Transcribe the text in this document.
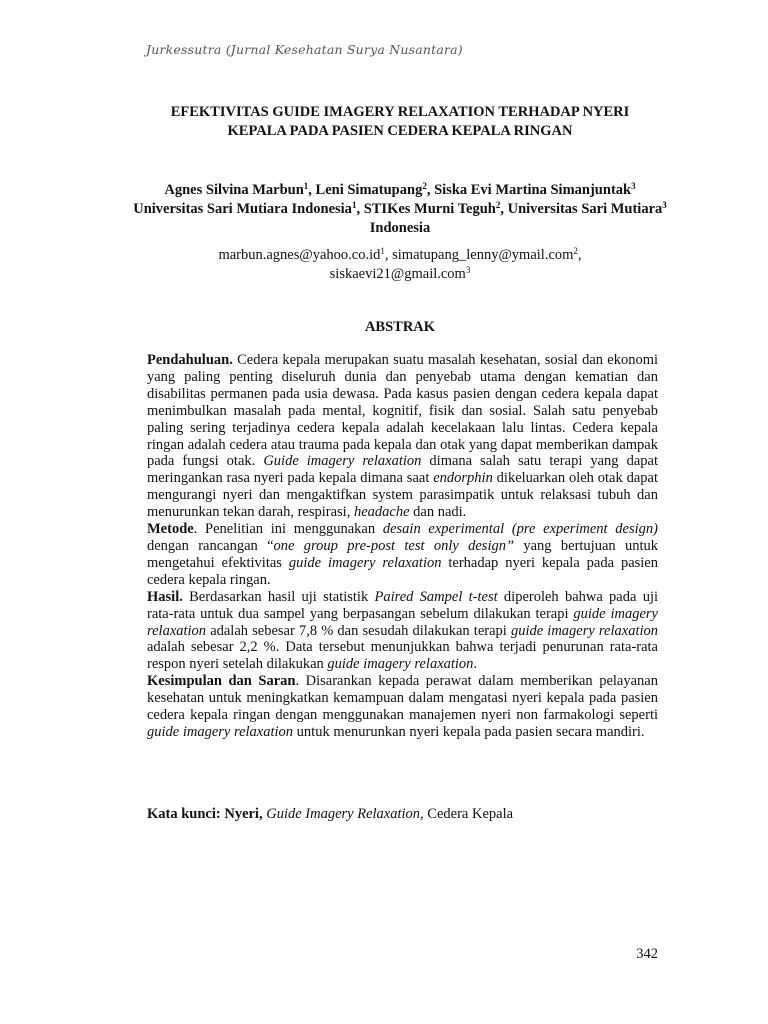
Jurkessutra (Jurnal Kesehatan Surya Nusantara)
EFEKTIVITAS GUIDE IMAGERY RELAXATION TERHADAP NYERI
KEPALA PADA PASIEN CEDERA KEPALA RINGAN
Agnes Silvina Marbun$^1$, Leni Simatupang$^2$, Siska Evi Martina Simanjuntak$^3$
Universitas Sari Mutiara Indonesia$^1$, STIKes Murni Teguh$^2$, Universitas Sari Mutiara$^3$
Indonesia
$marbun.agnes@yahoo.co.id^1$, simatupang_lenny@ymail.com$^2$,
siskaevi21@gmail.com$^3$
ABSTRAK

Pendahuluan. Cedera kepala merupakan suatu masalah kesehatan, sosial dan ekonomi yang paling penting diseluruh dunia dan penyebab utama dengan kematian dan disabilitas permanen pada usia dewasa. Pada kasus pasien dengan cedera kepala dapat menimbulkan masalah pada mental, kognitif, fisik dan sosial. Salah satu penyebab paling sering terjadinya cedera kepala adalah kecelakaan lalu lintas. Cedera kepala ringan adalah cedera atau trauma pada kepala dan otak yang dapat memberikan dampak pada fungsi otak. Guide imagery relaxation dimana salah satu terapi yang dapat meringankan rasa nyeri pada kepala dimana saat endorphin dikeluarkan oleh otak dapat mengurangi nyeri dan mengaktifkan system parasimpatik untuk relaksasi tubuh dan menurunkan tekan darah, respirasi, headache dan nadi.

Metode. Penelitian ini menggunakan desain experimental (pre experiment design) dengan rancangan “one group pre-post test only design” yang bertujuan untuk mengetahui efektivitas guide imagery relaxation terhadap nyeri kepala pada pasien cedera kepala ringan.

Hasil. Berdasarkan hasil uji statistik Paired Sampel t-test diperoleh bahwa pada uji rata-rata untuk dua sampel yang berpasangan sebelum dilakukan terapi guide imagery relaxation adalah sebesar 7,8 % dan sesudah dilakukan terapi guide imagery relaxation adalah sebesar 2,2 %. Data tersebut menunjukkan bahwa terjadi penurunan rata-rata respon nyeri setelah dilakukan guide imagery relaxation.

Kesimpulan dan Saran. Disarankan kepada perawat dalam memberikan pelayanan kesehatan untuk meningkatkan kemampuan dalam mengatasi nyeri kepala pada pasien cedera kepala ringan dengan menggunakan manajemen nyeri non farmakologi seperti guide imagery relaxation untuk menurunkan nyeri kepala pada pasien secara mandiri.

Kata kunci: Nyeri, Guide Imagery Relaxation, Cedera Kepala
342
